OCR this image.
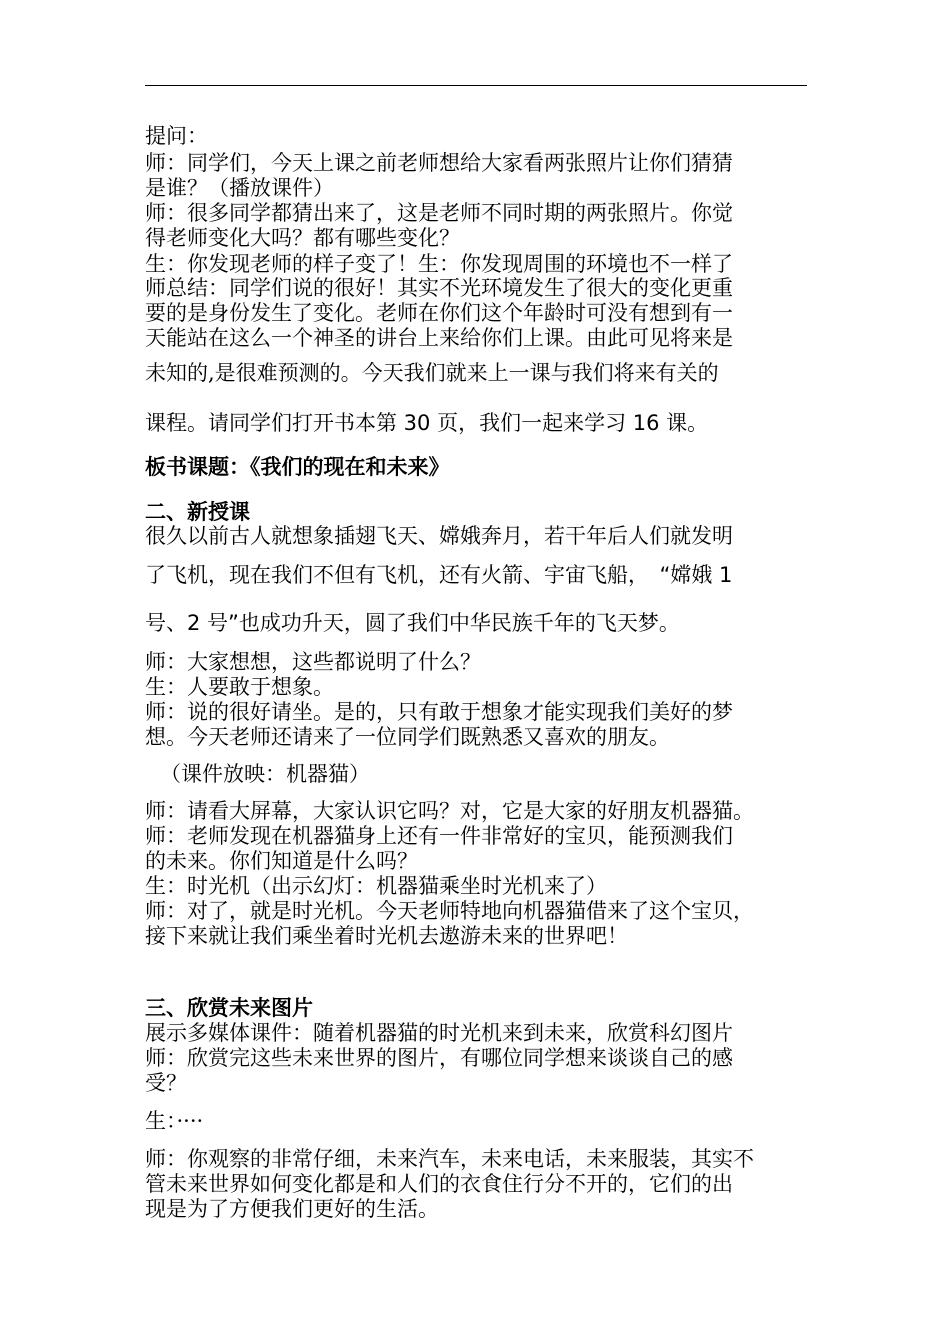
提问：
师：同学们，今天上课之前老师想给大家看两张照片让你们猜猜
是谁？（播放课件）
师：很多同学都猜出来了，这是老师不同时期的两张照片。你觉
得老师变化大吗？都有哪些变化？
生：你发现老师的样子变了！生：你发现周围的环境也不一样了
师总结：同学们说的很好！其实不光环境发生了很大的变化更重
要的是身份发生了变化。老师在你们这个年龄时可没有想到有一
天能站在这么一个神圣的讲台上来给你们上课。由此可见将来是
未知的,是很难预测的。今天我们就来上一课与我们将来有关的
课程。请同学们打开书本第 30 页，我们一起来学习 16 课。
板书课题：《我们的现在和未来》
二、新授课
很久以前古人就想象插翅飞天、嫦娥奔月，若干年后人们就发明
了飞机，现在我们不但有飞机，还有火箭、宇宙飞船，　“嫦娥 1
号、2 号”也成功升天，圆了我们中华民族千年的飞天梦。
师：大家想想，这些都说明了什么？
生：人要敢于想象。
师：说的很好请坐。是的，只有敢于想象才能实现我们美好的梦
想。今天老师还请来了一位同学们既熟悉又喜欢的朋友。
（课件放映：机器猫）
师：请看大屏幕，大家认识它吗？对，它是大家的好朋友机器猫。
师：老师发现在机器猫身上还有一件非常好的宝贝，能预测我们
的未来。你们知道是什么吗？
生：时光机（出示幻灯：机器猫乘坐时光机来了）
师：对了，就是时光机。今天老师特地向机器猫借来了这个宝贝，
接下来就让我们乘坐着时光机去遨游未来的世界吧！
三、欣赏未来图片
展示多媒体课件：随着机器猫的时光机来到未来，欣赏科幻图片
师：欣赏完这些未来世界的图片，有哪位同学想来谈谈自己的感
受？
生：····
师：你观察的非常仔细，未来汽车，未来电话，未来服装，其实不
管未来世界如何变化都是和人们的衣食住行分不开的，它们的出
现是为了方便我们更好的生活。
